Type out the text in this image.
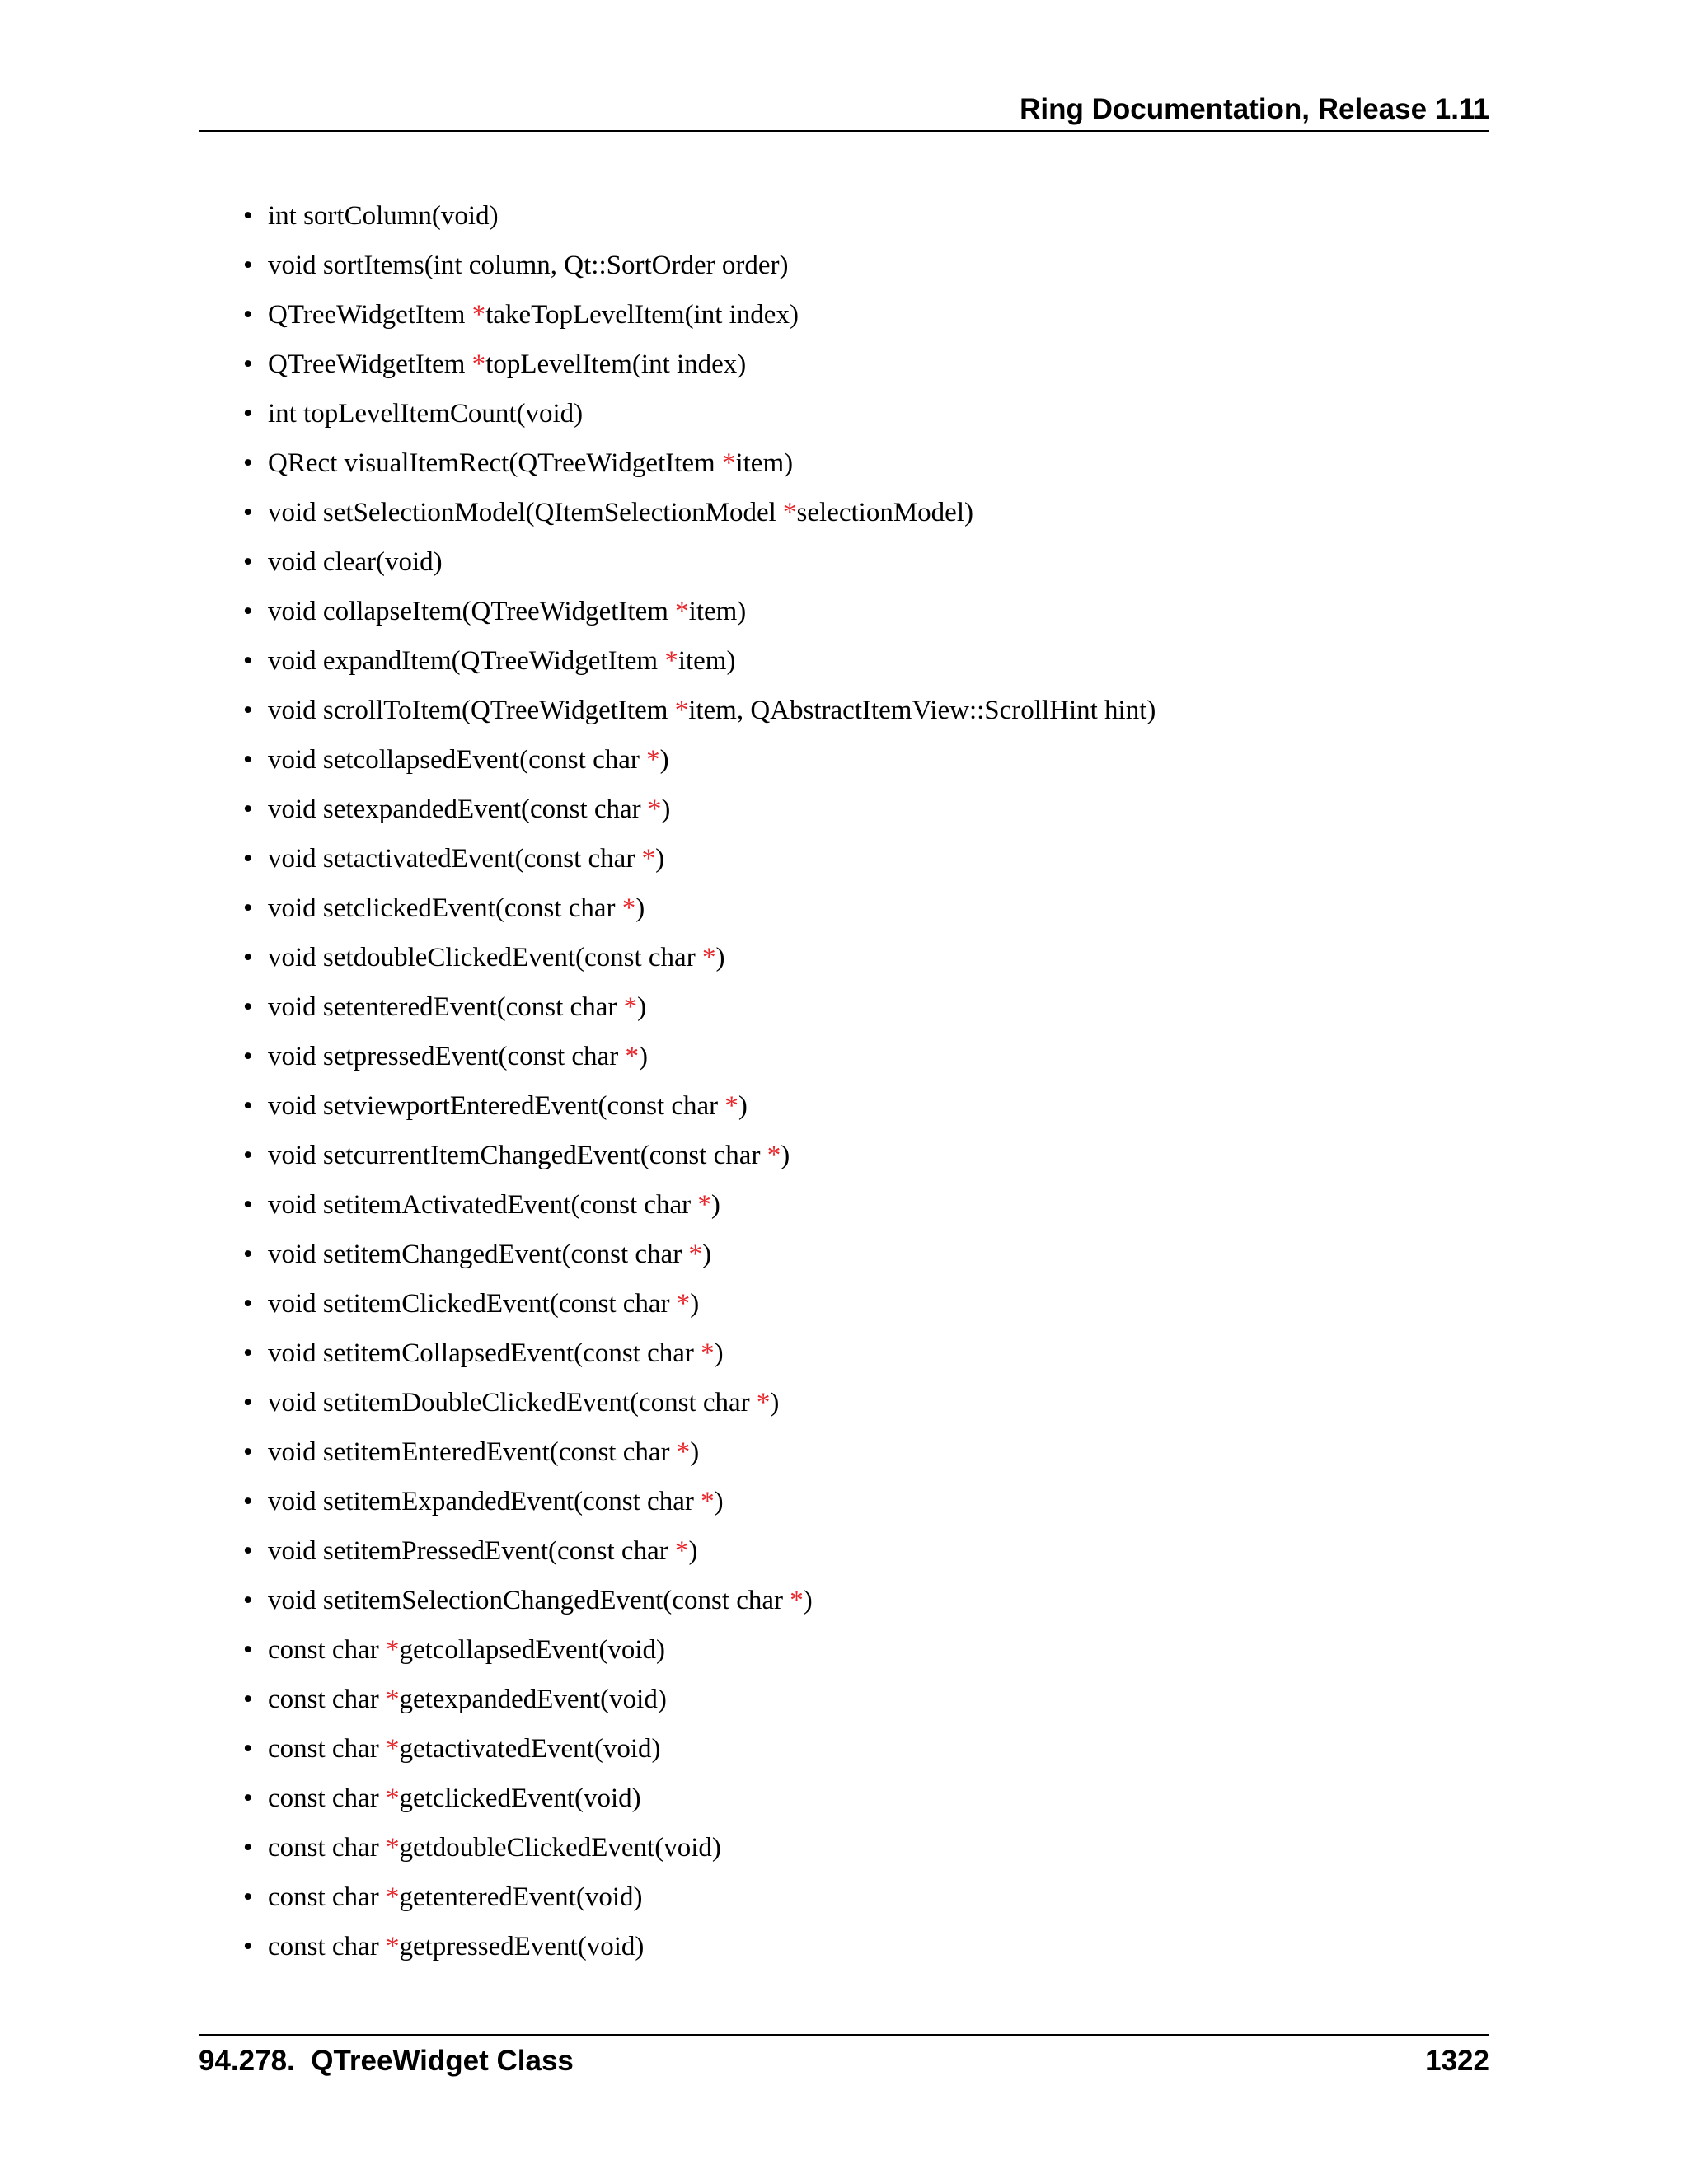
Ring Documentation, Release 1.11
• int sortColumn(void)
• void sortItems(int column, Qt::SortOrder order)
• QTreeWidgetItem *takeTopLevelItem(int index)
• QTreeWidgetItem *topLevelItem(int index)
• int topLevelItemCount(void)
• QRect visualItemRect(QTreeWidgetItem *item)
• void setSelectionModel(QItemSelectionModel *selectionModel)
• void clear(void)
• void collapseItem(QTreeWidgetItem *item)
• void expandItem(QTreeWidgetItem *item)
• void scrollToItem(QTreeWidgetItem *item, QAbstractItemView::ScrollHint hint)
• void setcollapsedEvent(const char *)
• void setexpandedEvent(const char *)
• void setactivatedEvent(const char *)
• void setclickedEvent(const char *)
• void setdoubleClickedEvent(const char *)
• void setenteredEvent(const char *)
• void setpressedEvent(const char *)
• void setviewportEnteredEvent(const char *)
• void setcurrentItemChangedEvent(const char *)
• void setitemActivatedEvent(const char *)
• void setitemChangedEvent(const char *)
• void setitemClickedEvent(const char *)
• void setitemCollapsedEvent(const char *)
• void setitemDoubleClickedEvent(const char *)
• void setitemEnteredEvent(const char *)
• void setitemExpandedEvent(const char *)
• void setitemPressedEvent(const char *)
• void setitemSelectionChangedEvent(const char *)
• const char *getcollapsedEvent(void)
• const char *getexpandedEvent(void)
• const char *getactivatedEvent(void)
• const char *getclickedEvent(void)
• const char *getdoubleClickedEvent(void)
• const char *getenteredEvent(void)
• const char *getpressedEvent(void)
94.278.  QTreeWidget Class	1322
